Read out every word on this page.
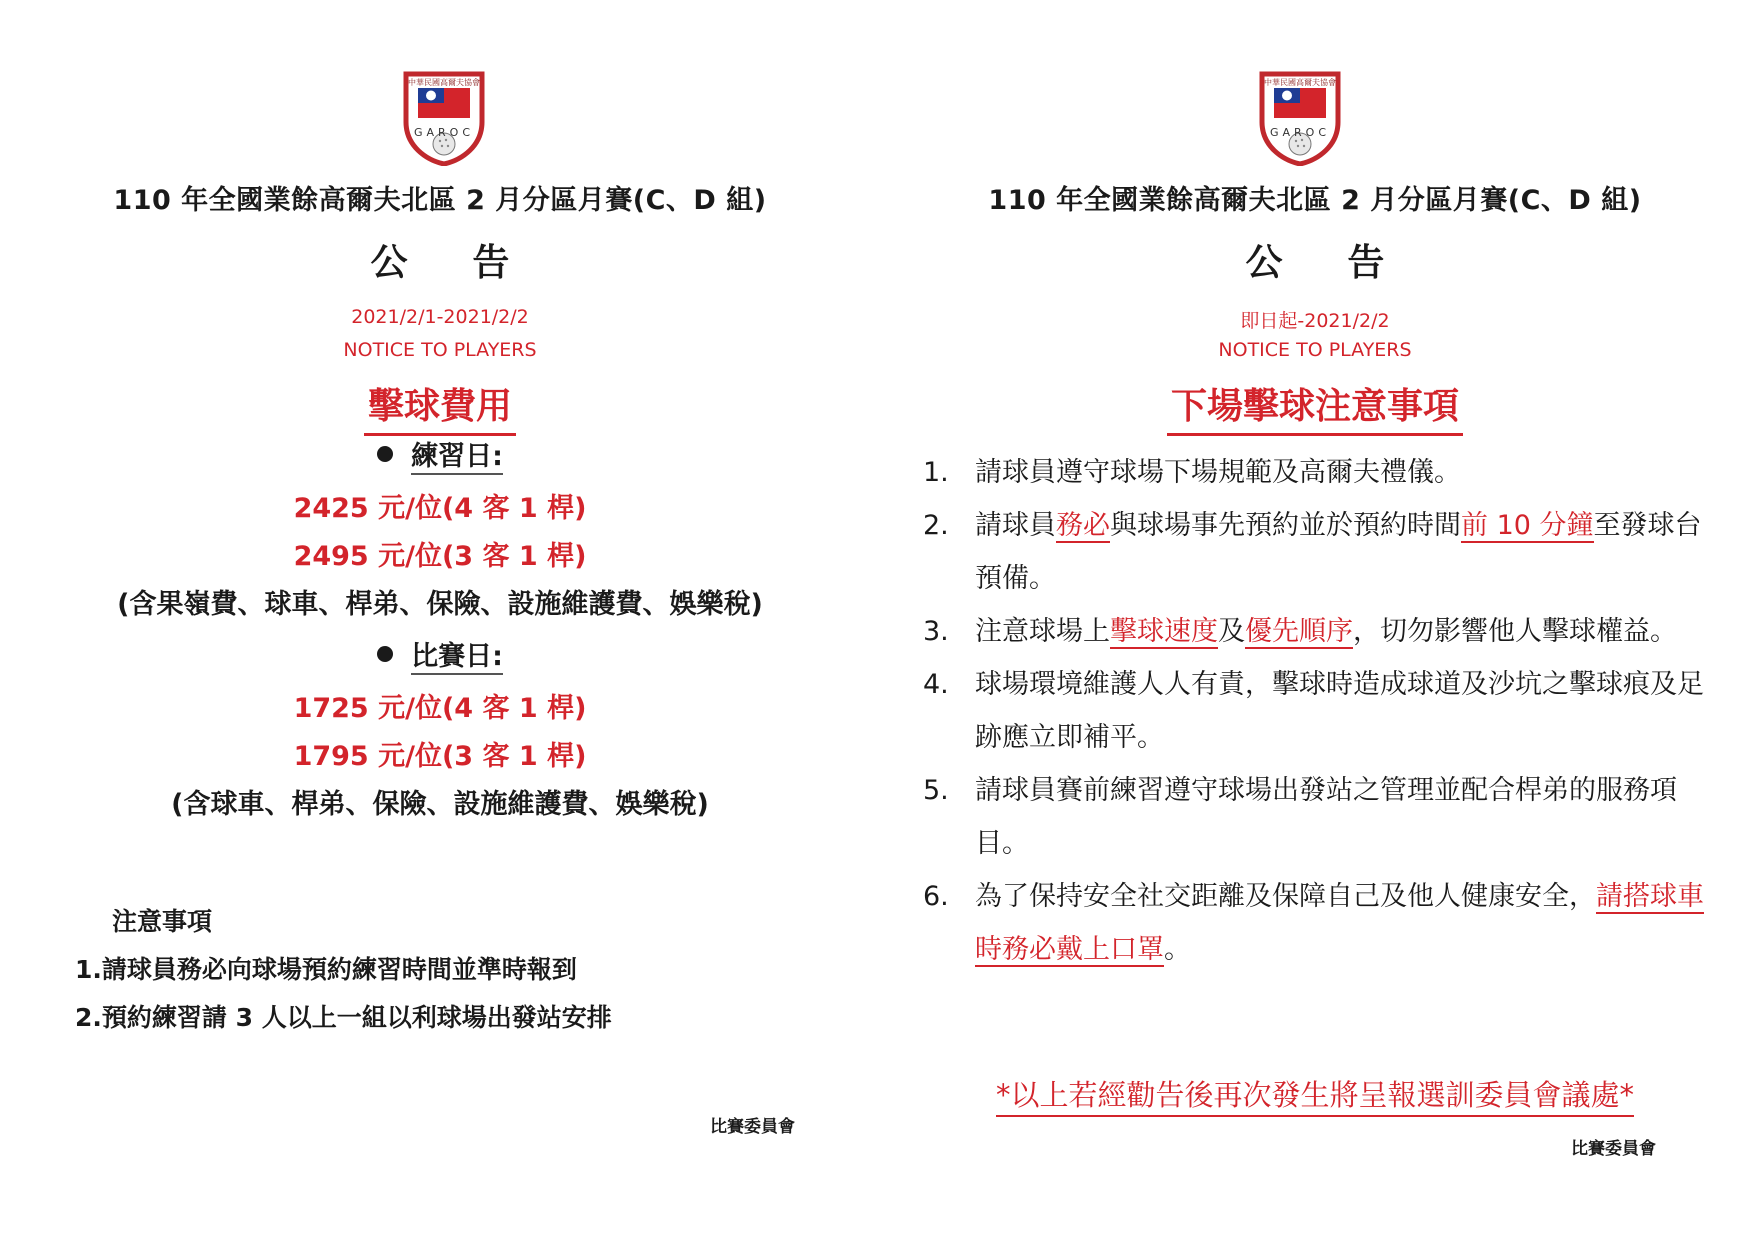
中華民國高爾夫協會
GAROC
110 年全國業餘高爾夫北區 2 月分區月賽(C、D 組)
公 告
2021/2/1-2021/2/2
NOTICE TO PLAYERS
擊球費用
練習日:
2425 元/位(4 客 1 桿)
2495 元/位(3 客 1 桿)
(含果嶺費、球車、桿弟、保險、設施維護費、娛樂稅)
比賽日:
1725 元/位(4 客 1 桿)
1795 元/位(3 客 1 桿)
(含球車、桿弟、保險、設施維護費、娛樂稅)
注意事項
1.請球員務必向球場預約練習時間並準時報到
2.預約練習請 3 人以上一組以利球場出發站安排
比賽委員會
中華民國高爾夫協會
GAROC
110 年全國業餘高爾夫北區 2 月分區月賽(C、D 組)
公 告
即日起-2021/2/2
NOTICE TO PLAYERS
下場擊球注意事項
1. 請球員遵守球場下場規範及高爾夫禮儀。
2. 請球員務必與球場事先預約並於預約時間前 10 分鐘至發球台預備。
3. 注意球場上擊球速度及優先順序，切勿影響他人擊球權益。
4. 球場環境維護人人有責，擊球時造成球道及沙坑之擊球痕及足跡應立即補平。
5. 請球員賽前練習遵守球場出發站之管理並配合桿弟的服務項目。
6. 為了保持安全社交距離及保障自己及他人健康安全，請搭球車時務必戴上口罩。
*以上若經勸告後再次發生將呈報選訓委員會議處*
比賽委員會
